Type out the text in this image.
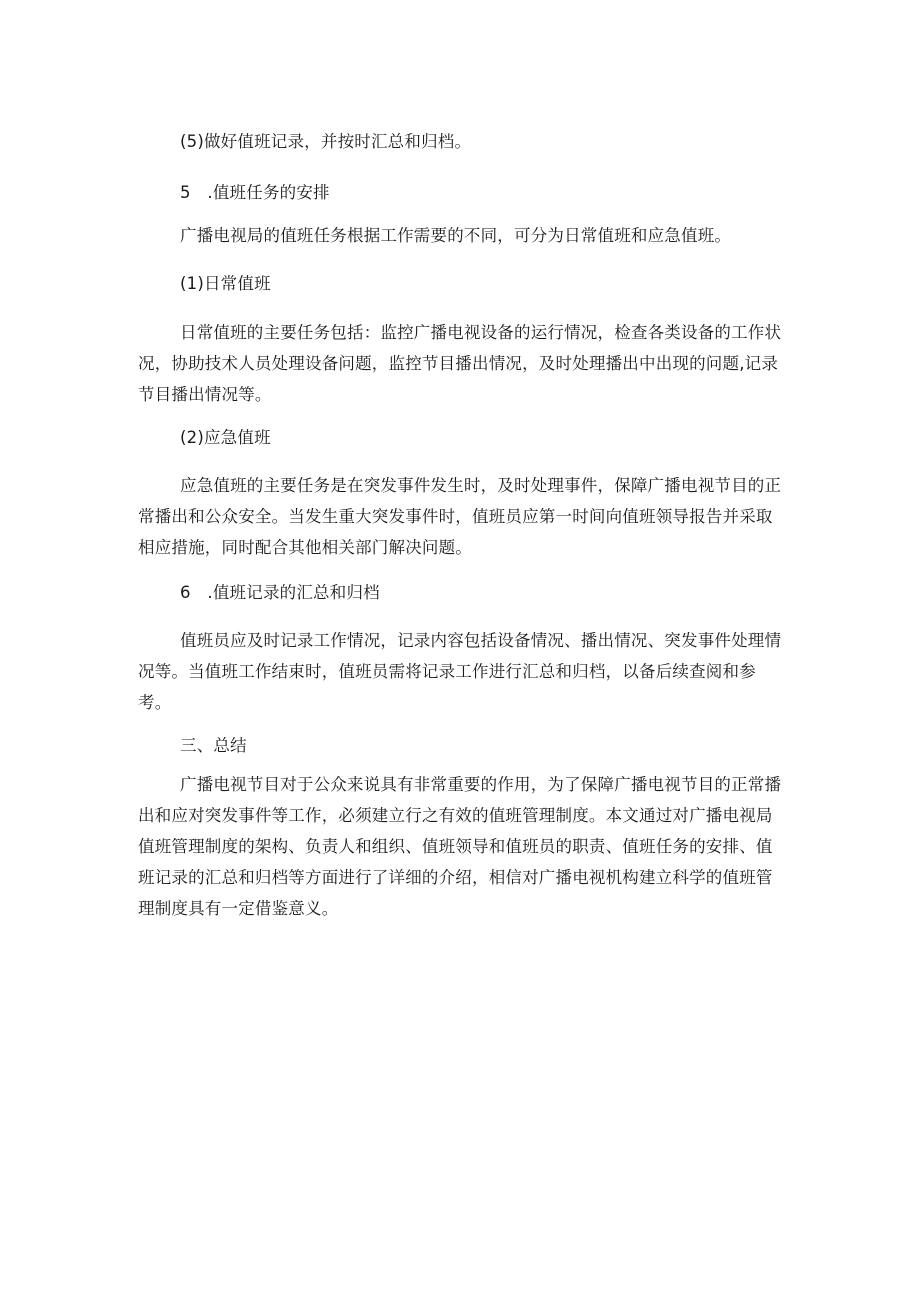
(5)做好值班记录，并按时汇总和归档。

5　.值班任务的安排

广播电视局的值班任务根据工作需要的不同，可分为日常值班和应急值班。

(1)日常值班

日常值班的主要任务包括：监控广播电视设备的运行情况，检查各类设备的工作状
况，协助技术人员处理设备问题，监控节目播出情况，及时处理播出中出现的问题,记录
节目播出情况等。

(2)应急值班

应急值班的主要任务是在突发事件发生时，及时处理事件，保障广播电视节目的正
常播出和公众安全。当发生重大突发事件时，值班员应第一时间向值班领导报告并采取
相应措施，同时配合其他相关部门解决问题。

6　.值班记录的汇总和归档

值班员应及时记录工作情况，记录内容包括设备情况、播出情况、突发事件处理情
况等。当值班工作结束时，值班员需将记录工作进行汇总和归档，以备后续查阅和参
考。

三、总结

广播电视节目对于公众来说具有非常重要的作用，为了保障广播电视节目的正常播
出和应对突发事件等工作，必须建立行之有效的值班管理制度。本文通过对广播电视局
值班管理制度的架构、负责人和组织、值班领导和值班员的职责、值班任务的安排、值
班记录的汇总和归档等方面进行了详细的介绍，相信对广播电视机构建立科学的值班管
理制度具有一定借鉴意义。
